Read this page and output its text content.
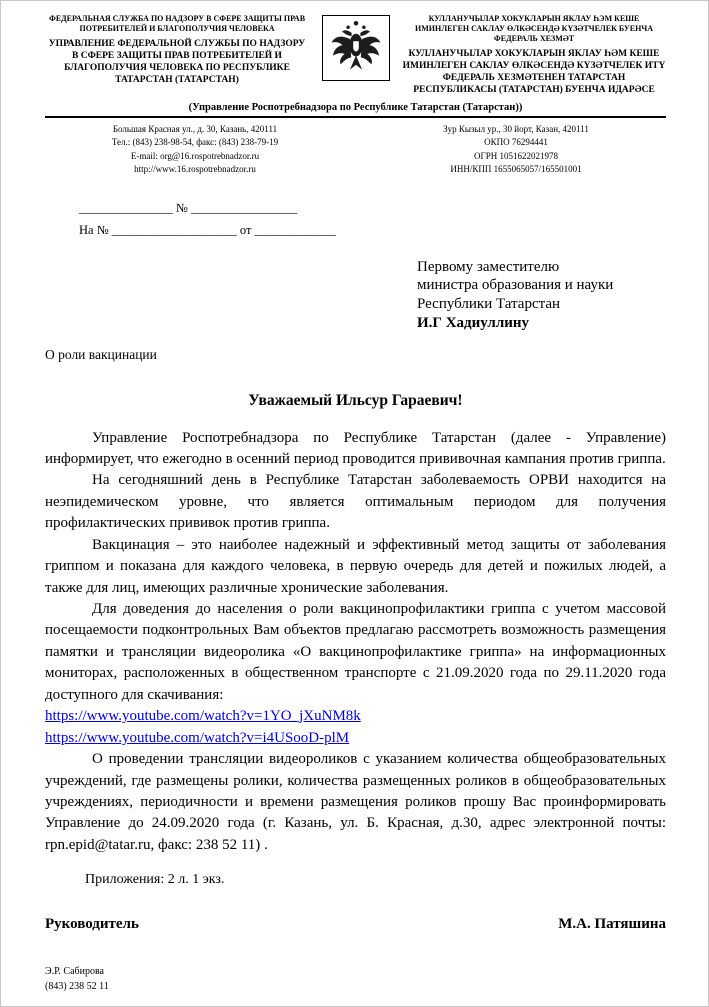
ФЕДЕРАЛЬНАЯ СЛУЖБА ПО НАДЗОРУ В СФЕРЕ ЗАЩИТЫ ПРАВ ПОТРЕБИТЕЛЕЙ И БЛАГОПОЛУЧИЯ ЧЕЛОВЕКА
УПРАВЛЕНИЕ ФЕДЕРАЛЬНОЙ СЛУЖБЫ ПО НАДЗОРУ В СФЕРЕ ЗАЩИТЫ ПРАВ ПОТРЕБИТЕЛЕЙ И БЛАГОПОЛУЧИЯ ЧЕЛОВЕКА ПО РЕСПУБЛИКЕ ТАТАРСТАН (ТАТАРСТАН)
КУЛЛАНУЧЫЛАР ХОКУКЛАРЫН ЯКЛАУ ҺЭМ КЕШЕ ИМИНЛЕГЕН САКЛАУ ӨЛКӘСЕНДӘ КҮЗӘТЧЕЛЕК БУЕНЧА ФЕДЕРАЛЬ ХЕЗМӘТ
КУЛЛАНУЧЫЛАР ХОКУКЛАРЫН ЯКЛАУ ҺӘМ КЕШЕ ИМИНЛЕГЕН САКЛАУ ӨЛКӘСЕНДӘ КҮЗӘТЧЕЛЕК ИТҮ ФЕДЕРАЛЬ ХЕЗМӘТЕНЕН ТАТАРСТАН РЕСПУБЛИКАСЫ (ТАТАРСТАН) БУЕНЧА ИДАРӘСЕ
(Управление Роспотребнадзора по Республике Татарстан (Татарстан))
Большая Красная ул., д. 30, Казань, 420111
Тел.: (843) 238-98-54, факс: (843) 238-79-19
E-mail: org@16.rospotrebnadzor.ru
http://www.16.rospotrebnadzor.ru
Зур Кызыл ур., 30 йорт, Казан, 420111
ОКПО 76294441
ОГРН 1051622021978
ИНН/КПП 1655065057/165501001
_______________ № _________________
На № ____________________ от _____________
Первому заместителю
министра образования и науки
Республики Татарстан
И.Г Хадиуллину
О роли вакцинации
Уважаемый Ильсур Гараевич!

Управление Роспотребнадзора по Республике Татарстан (далее - Управление) информирует, что ежегодно в осенний период проводится прививочная кампания против гриппа.

На сегодняшний день в Республике Татарстан заболеваемость ОРВИ находится на неэпидемическом уровне, что является оптимальным периодом для получения профилактических прививок против гриппа.

Вакцинация – это наиболее надежный и эффективный метод защиты от заболевания гриппом и показана для каждого человека, в первую очередь для детей и пожилых людей, а также для лиц, имеющих различные хронические заболевания.

Для доведения до населения о роли вакцинопрофилактики гриппа с учетом массовой посещаемости подконтрольных Вам объектов предлагаю рассмотреть возможность размещения памятки и трансляции видеоролика «О вакцинопрофилактике гриппа» на информационных мониторах, расположенных в общественном транспорте с 21.09.2020 года по 29.11.2020 года доступного для скачивания:

https://www.youtube.com/watch?v=1YO_jXuNM8k
https://www.youtube.com/watch?v=i4USooD-plM

О проведении трансляции видеороликов с указанием количества общеобразовательных учреждений, где размещены ролики, количества размещенных роликов в общеобразовательных учреждениях, периодичности и времени размещения роликов прошу Вас проинформировать Управление до 24.09.2020 года (г. Казань, ул. Б. Красная, д.30, адрес электронной почты: rpn.epid@tatar.ru, факс: 238 52 11) .

Приложения: 2 л. 1 экз.
Руководитель	М.А. Патяшина
Э.Р. Сабирова
(843) 238 52 11
